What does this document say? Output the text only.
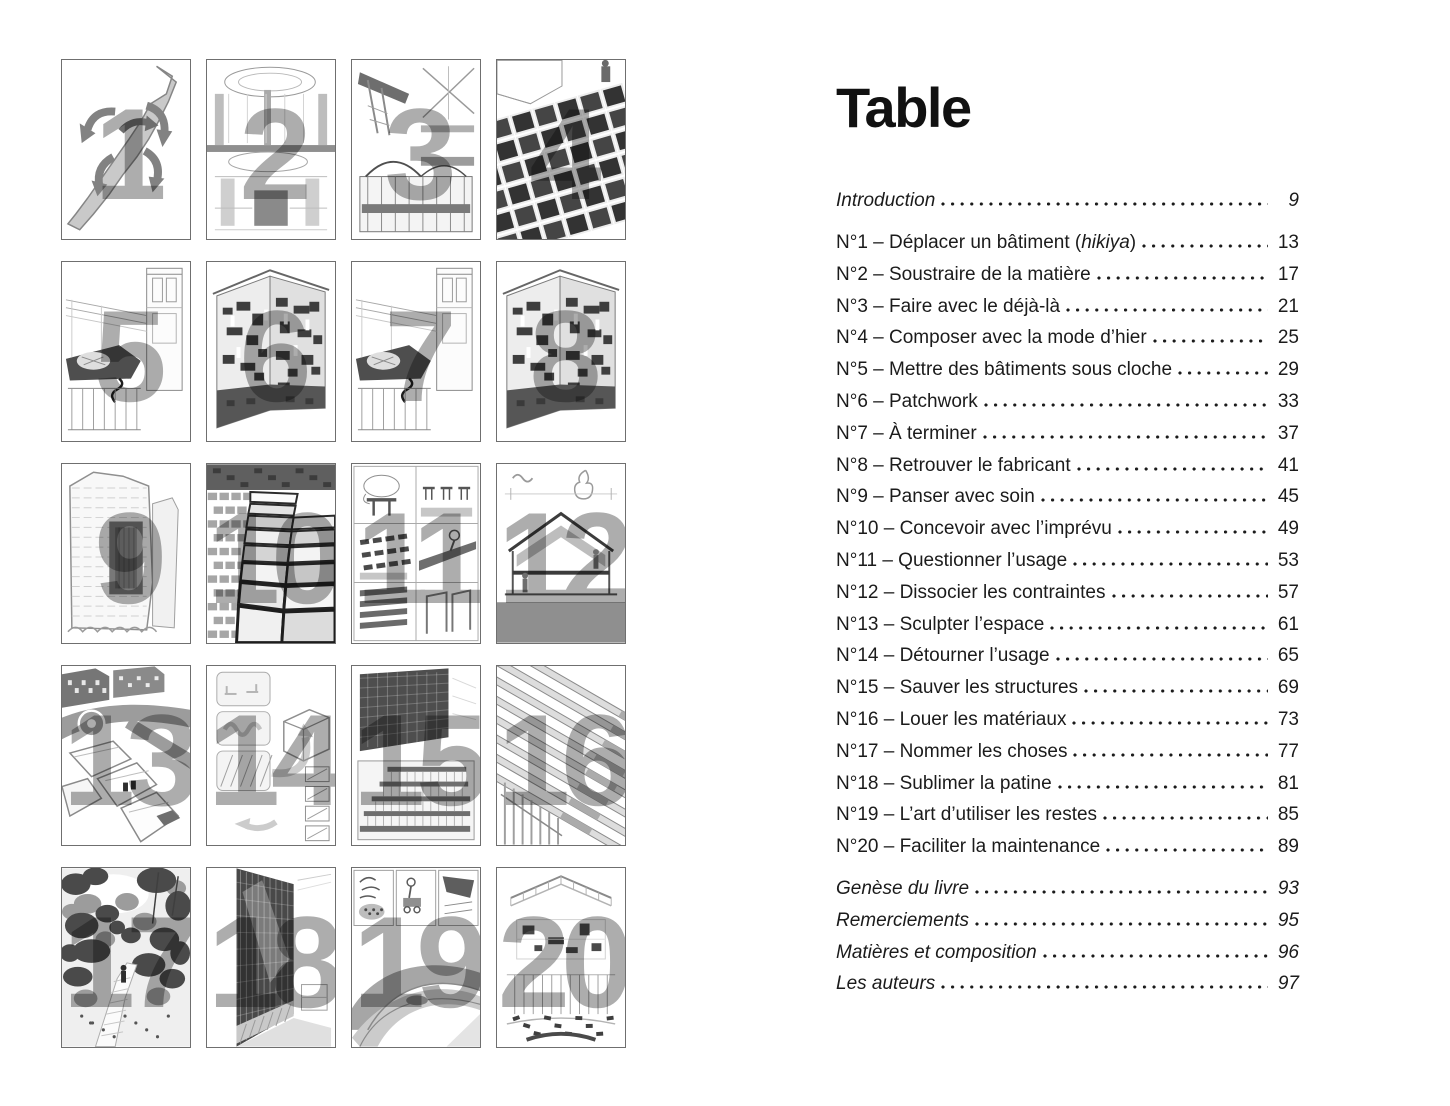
1 2 3 4
5 6 7 8
9 10 11 12
13 14 15 16
17 18 19 20
Table
Introduction	9
N°1 – Déplacer un bâtiment (hikiya)	13
N°2 – Soustraire de la matière	17
N°3 – Faire avec le déjà-là	21
N°4 – Composer avec la mode d’hier	25
N°5 – Mettre des bâtiments sous cloche	29
N°6 – Patchwork	33
N°7 – À terminer	37
N°8 – Retrouver le fabricant	41
N°9 – Panser avec soin	45
N°10 – Concevoir avec l’imprévu	49
N°11 – Questionner l’usage	53
N°12 – Dissocier les contraintes	57
N°13 – Sculpter l’espace	61
N°14 – Détourner l’usage	65
N°15 – Sauver les structures	69
N°16 – Louer les matériaux	73
N°17 – Nommer les choses	77
N°18 – Sublimer la patine	81
N°19 – L’art d’utiliser les restes	85
N°20 – Faciliter la maintenance	89
Genèse du livre	93
Remerciements	95
Matières et composition	96
Les auteurs	97
